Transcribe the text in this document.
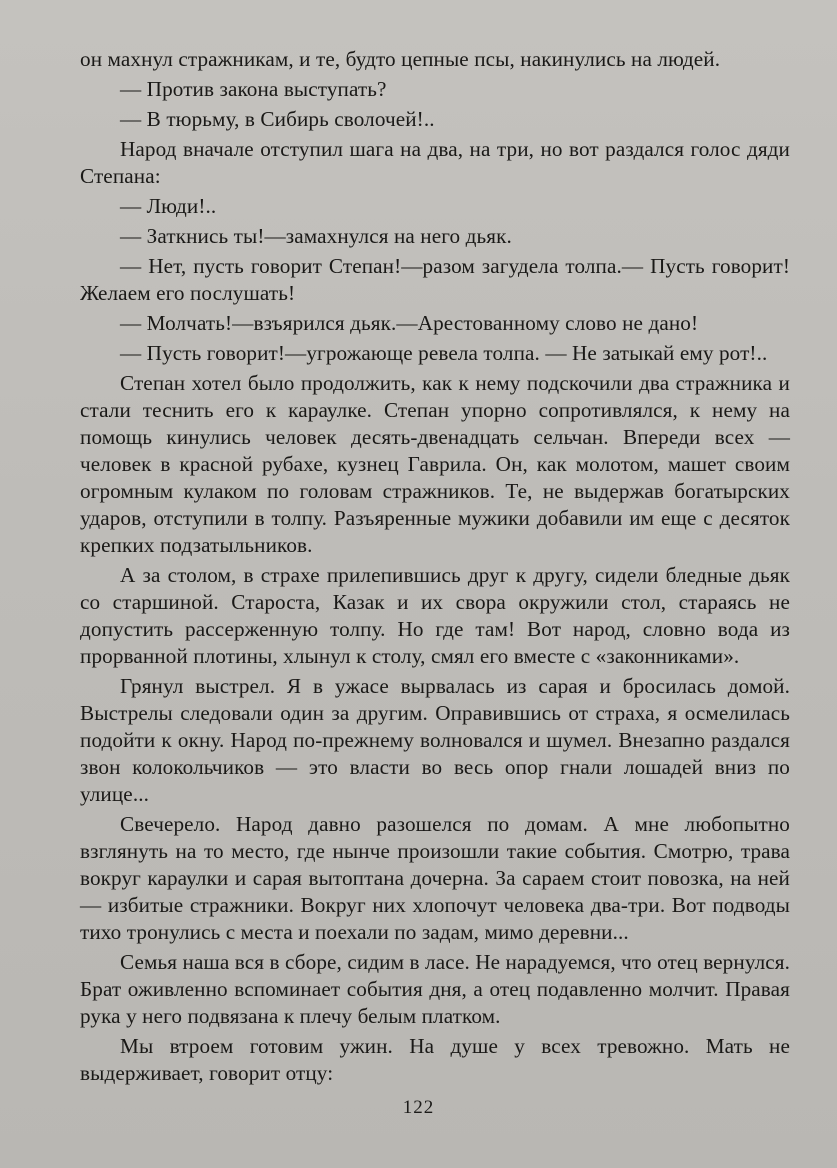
он махнул стражникам, и те, будто цепные псы, накинулись на людей.

— Против закона выступать?

— В тюрьму, в Сибирь сволочей!..

Народ вначале отступил шага на два, на три, но вот раздался голос дяди Степана:

— Люди!..

— Заткнись ты!—замахнулся на него дьяк.

— Нет, пусть говорит Степан!—разом загудела толпа.— Пусть говорит! Желаем его послушать!

— Молчать!—взъярился дьяк.—Арестованному слово не дано!

— Пусть говорит!—угрожающе ревела толпа. — Не затыкай ему рот!..

Степан хотел было продолжить, как к нему подскочили два стражника и стали теснить его к караулке. Степан упорно сопротивлялся, к нему на помощь кинулись человек десять-двенадцать сельчан. Впереди всех — человек в красной рубахе, кузнец Гаврила. Он, как молотом, машет своим огромным кулаком по головам стражников. Те, не выдержав богатырских ударов, отступили в толпу. Разъяренные мужики добавили им еще с десяток крепких подзатыльников.

А за столом, в страхе прилепившись друг к другу, сидели бледные дьяк со старшиной. Староста, Казак и их свора окружили стол, стараясь не допустить рассерженную толпу. Но где там! Вот народ, словно вода из прорванной плотины, хлынул к столу, смял его вместе с «законниками».

Грянул выстрел. Я в ужасе вырвалась из сарая и бросилась домой. Выстрелы следовали один за другим. Оправившись от страха, я осмелилась подойти к окну. Народ по-прежнему волновался и шумел. Внезапно раздался звон колокольчиков — это власти во весь опор гнали лошадей вниз по улице...

Свечерело. Народ давно разошелся по домам. А мне любопытно взглянуть на то место, где нынче произошли такие события. Смотрю, трава вокруг караулки и сарая вытоптана дочерна. За сараем стоит повозка, на ней — избитые стражники. Вокруг них хлопочут человека два-три. Вот подводы тихо тронулись с места и поехали по задам, мимо деревни...

Семья наша вся в сборе, сидим в ласе. Не нарадуемся, что отец вернулся. Брат оживленно вспоминает события дня, а отец подавленно молчит. Правая рука у него подвязана к плечу белым платком.

Мы втроем готовим ужин. На душе у всех тревожно. Мать не выдерживает, говорит отцу:

122
